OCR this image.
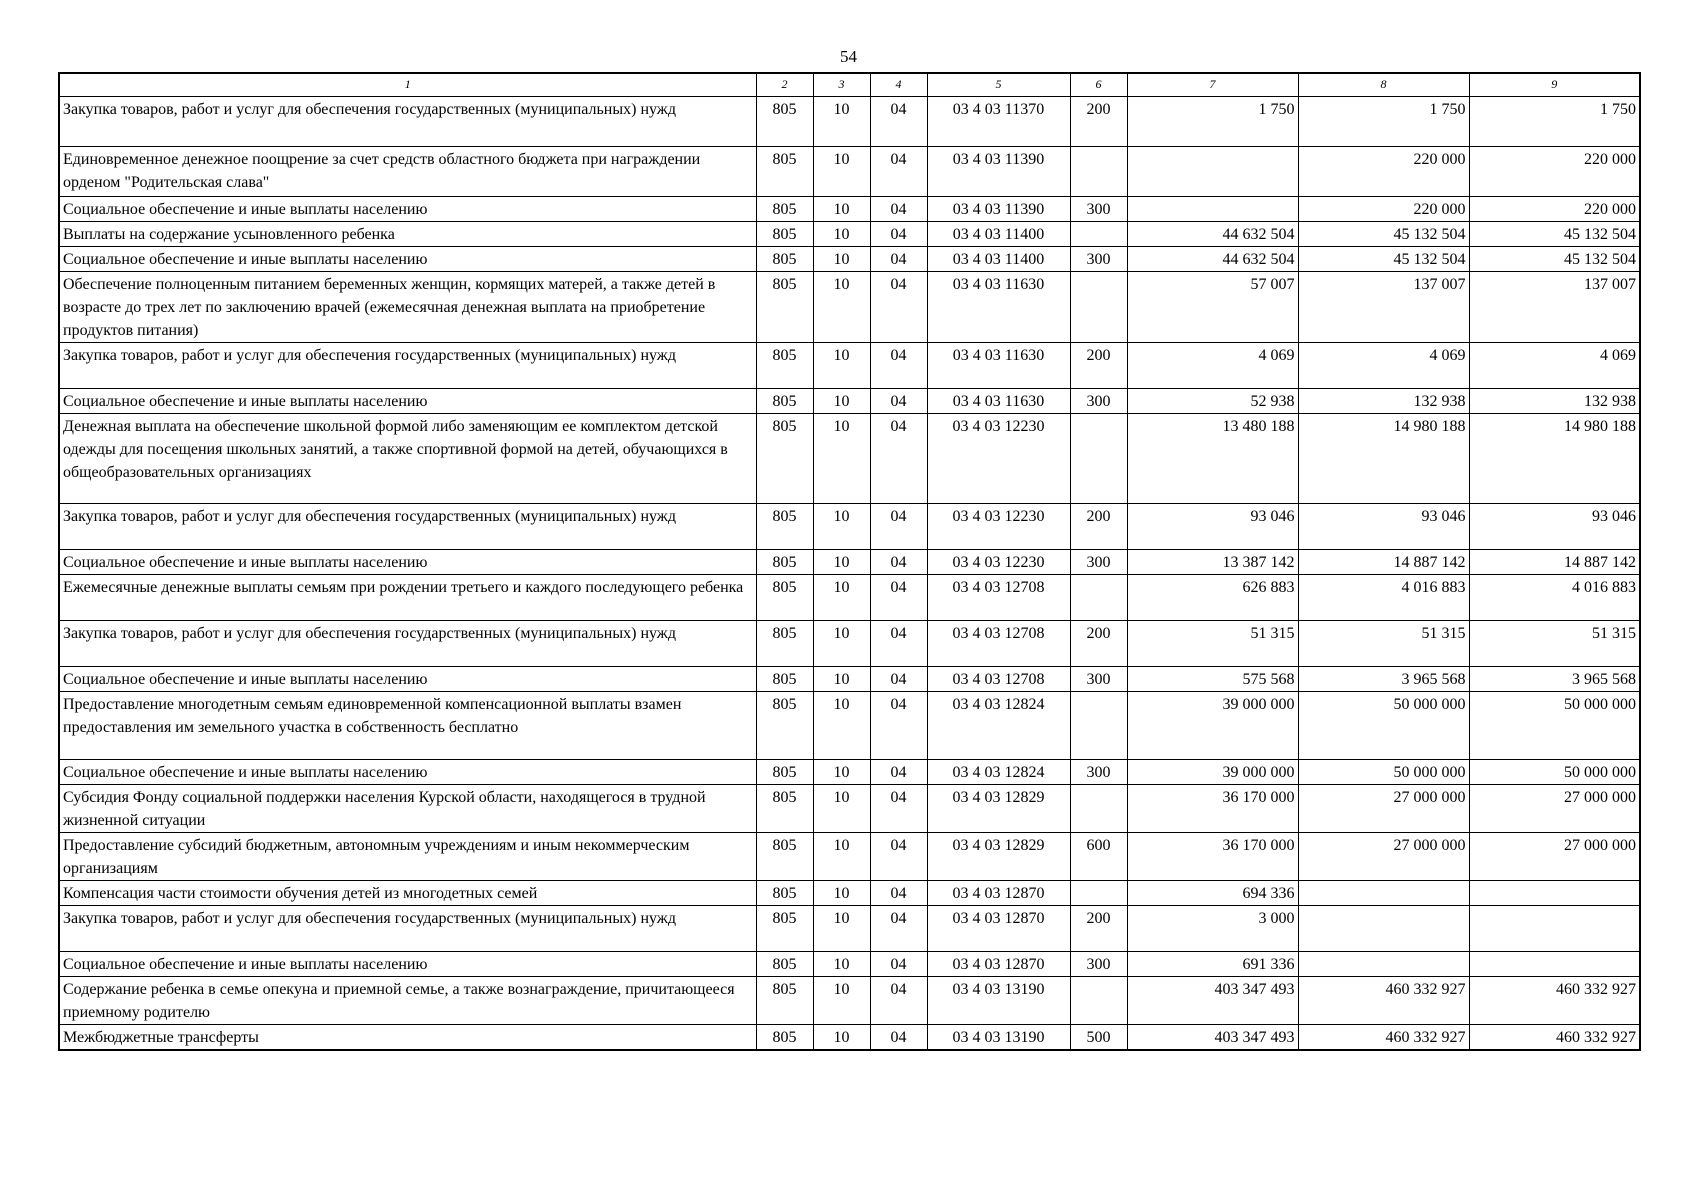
54
1	2	3	4	5	6	7	8	9
Закупка товаров, работ и услуг для обеспечения государственных (муниципальных) нужд	805	10	04	03 4 03 11370	200	1 750	1 750	1 750
Единовременное денежное поощрение за счет средств областного бюджета при награждении орденом "Родительская слава"	805	10	04	03 4 03 11390			220 000	220 000
Социальное обеспечение и иные выплаты населению	805	10	04	03 4 03 11390	300		220 000	220 000
Выплаты на содержание усыновленного ребенка	805	10	04	03 4 03 11400		44 632 504	45 132 504	45 132 504
Социальное обеспечение и иные выплаты населению	805	10	04	03 4 03 11400	300	44 632 504	45 132 504	45 132 504
Обеспечение полноценным питанием беременных женщин, кормящих матерей, а также детей в возрасте до трех лет по заключению врачей (ежемесячная денежная выплата на приобретение продуктов питания)	805	10	04	03 4 03 11630		57 007	137 007	137 007
Закупка товаров, работ и услуг для обеспечения государственных (муниципальных) нужд	805	10	04	03 4 03 11630	200	4 069	4 069	4 069
Социальное обеспечение и иные выплаты населению	805	10	04	03 4 03 11630	300	52 938	132 938	132 938
Денежная выплата на обеспечение школьной формой либо заменяющим ее комплектом детской одежды для посещения школьных занятий, а также спортивной формой на детей, обучающихся в общеобразовательных организациях	805	10	04	03 4 03 12230		13 480 188	14 980 188	14 980 188
Закупка товаров, работ и услуг для обеспечения государственных (муниципальных) нужд	805	10	04	03 4 03 12230	200	93 046	93 046	93 046
Социальное обеспечение и иные выплаты населению	805	10	04	03 4 03 12230	300	13 387 142	14 887 142	14 887 142
Ежемесячные денежные выплаты семьям при рождении третьего и каждого последующего ребенка	805	10	04	03 4 03 12708		626 883	4 016 883	4 016 883
Закупка товаров, работ и услуг для обеспечения государственных (муниципальных) нужд	805	10	04	03 4 03 12708	200	51 315	51 315	51 315
Социальное обеспечение и иные выплаты населению	805	10	04	03 4 03 12708	300	575 568	3 965 568	3 965 568
Предоставление многодетным семьям единовременной компенсационной выплаты взамен предоставления им земельного участка в собственность бесплатно	805	10	04	03 4 03 12824		39 000 000	50 000 000	50 000 000
Социальное обеспечение и иные выплаты населению	805	10	04	03 4 03 12824	300	39 000 000	50 000 000	50 000 000
Субсидия Фонду социальной поддержки населения Курской области, находящегося в трудной жизненной ситуации	805	10	04	03 4 03 12829		36 170 000	27 000 000	27 000 000
Предоставление субсидий бюджетным, автономным учреждениям и иным некоммерческим организациям	805	10	04	03 4 03 12829	600	36 170 000	27 000 000	27 000 000
Компенсация части стоимости обучения детей из многодетных семей	805	10	04	03 4 03 12870		694 336		
Закупка товаров, работ и услуг для обеспечения государственных (муниципальных) нужд	805	10	04	03 4 03 12870	200	3 000		
Социальное обеспечение и иные выплаты населению	805	10	04	03 4 03 12870	300	691 336		
Содержание ребенка в семье опекуна и приемной семье, а также вознаграждение, причитающееся приемному родителю	805	10	04	03 4 03 13190		403 347 493	460 332 927	460 332 927
Межбюджетные трансферты	805	10	04	03 4 03 13190	500	403 347 493	460 332 927	460 332 927
